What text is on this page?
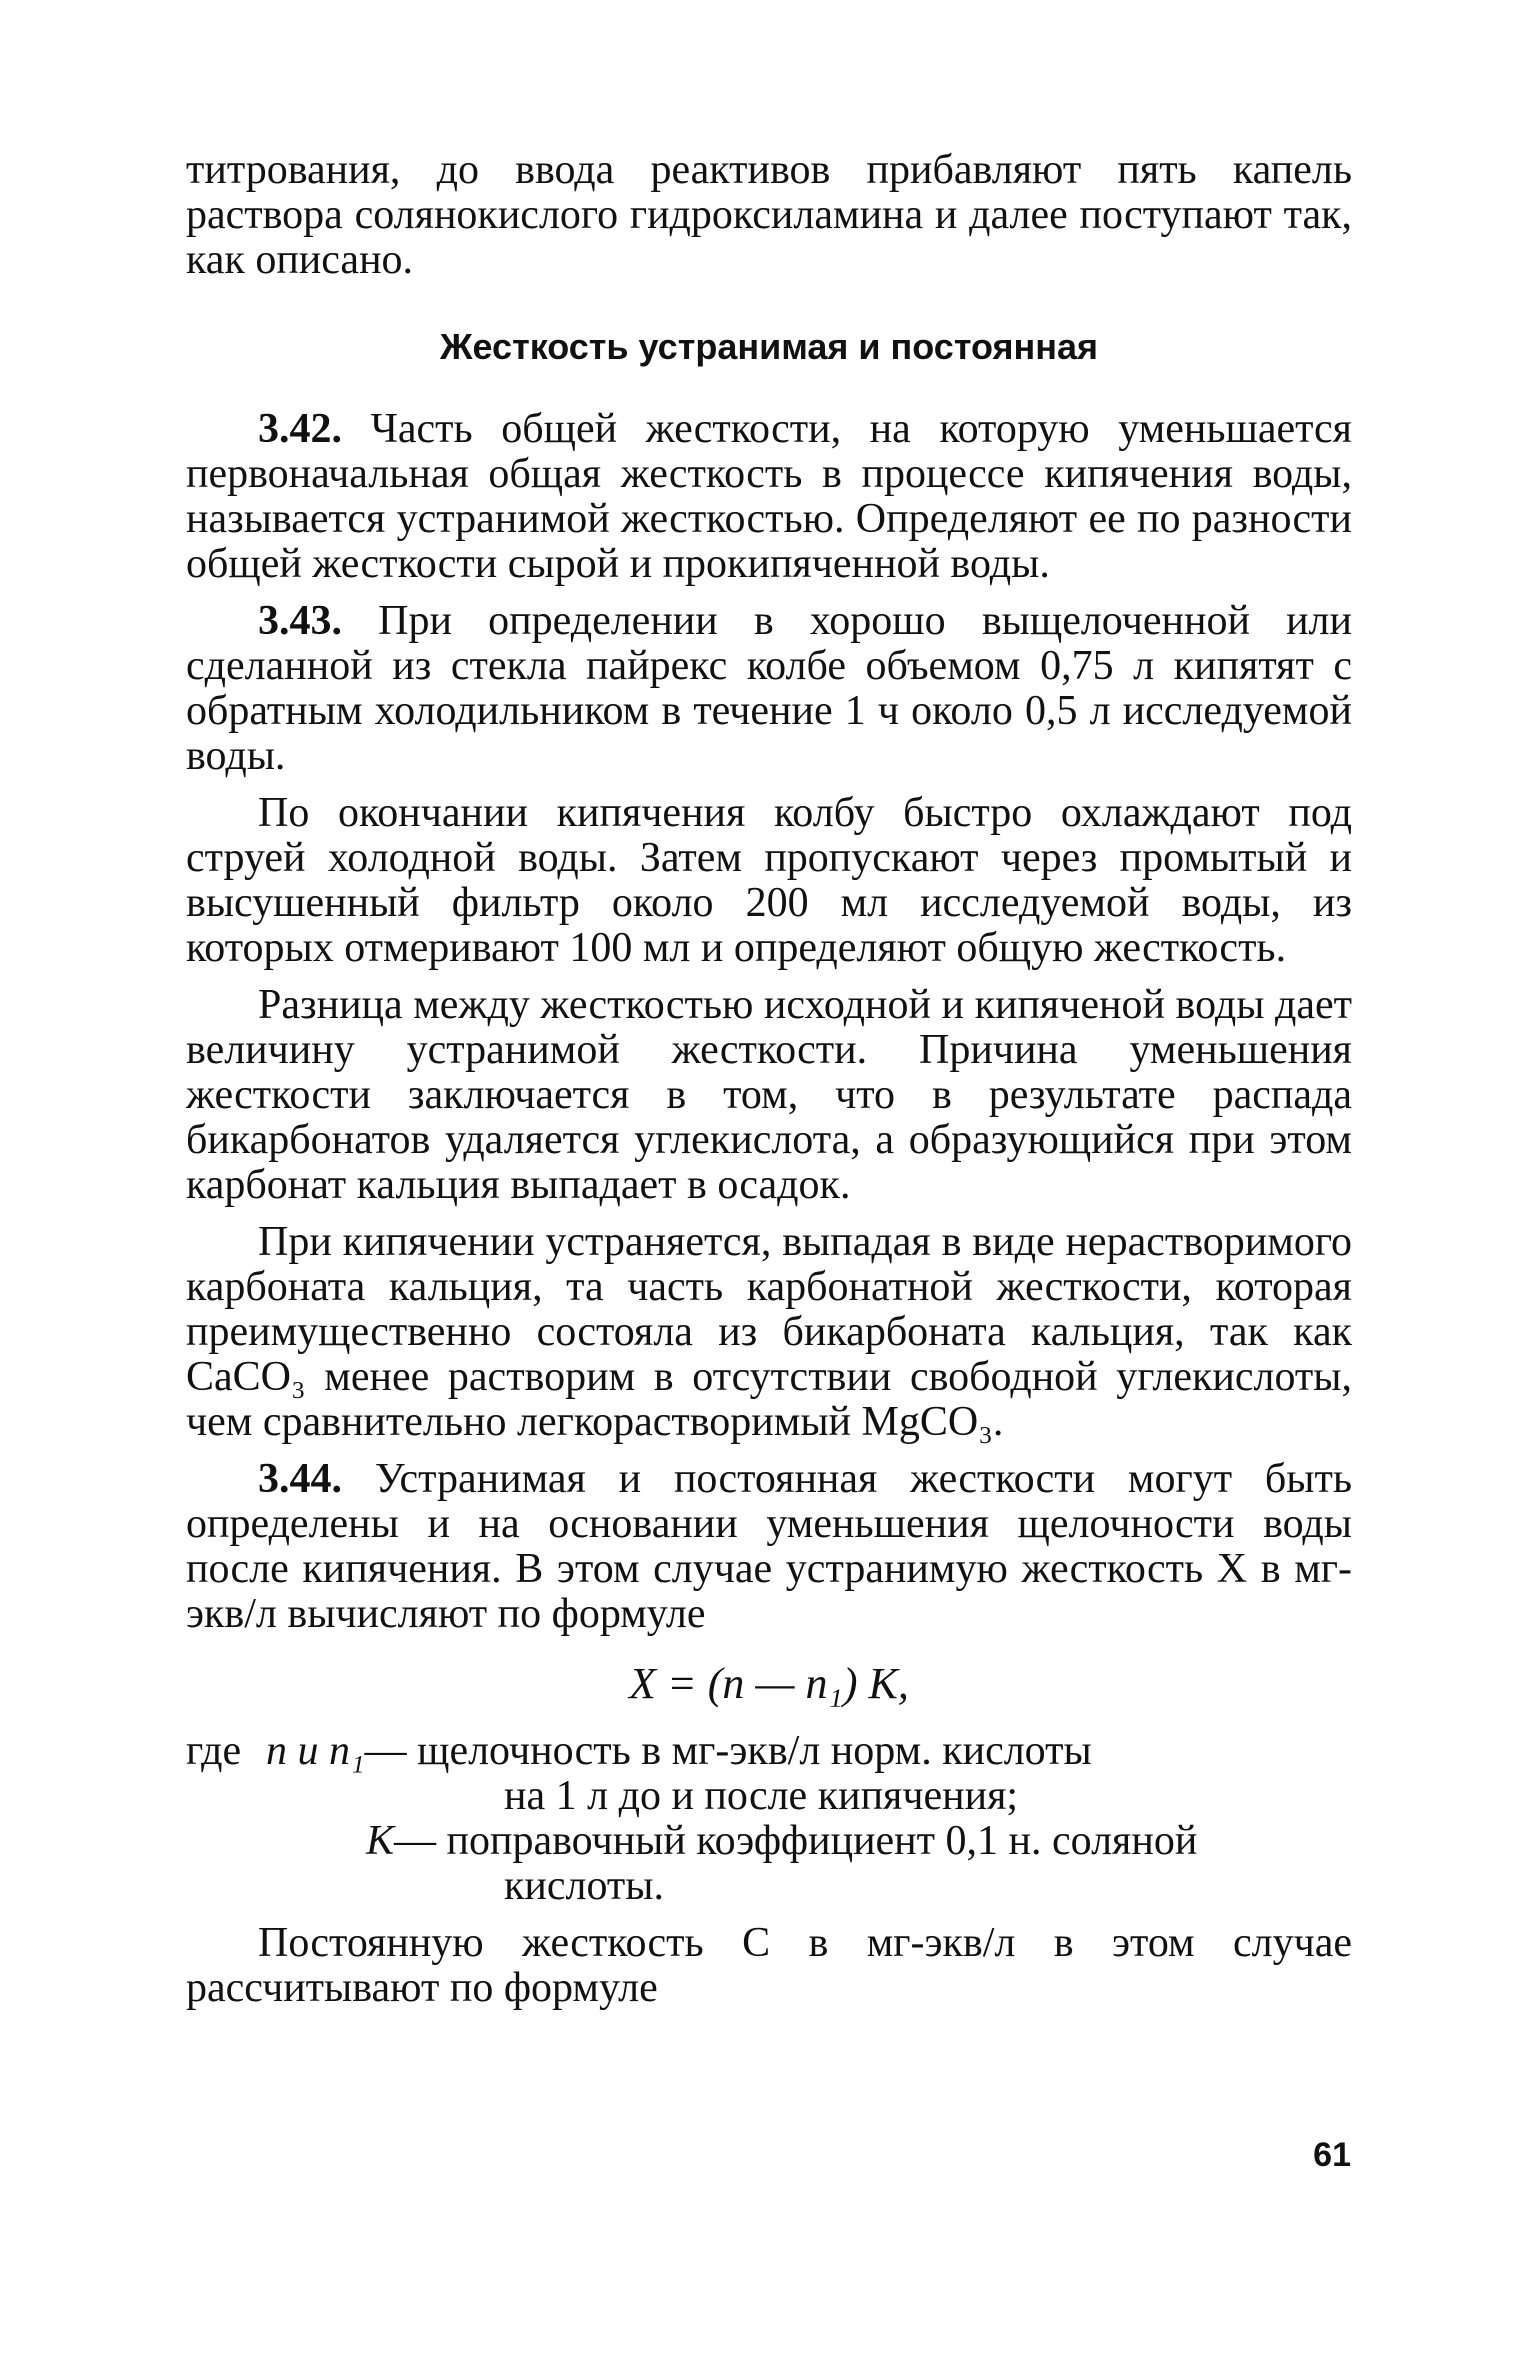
титрования, до ввода реактивов прибавляют пять капель раствора солянокислого гидроксиламина и далее поступают так, как описано.

Жесткость устранимая и постоянная

3.42. Часть общей жесткости, на которую уменьшается первоначальная общая жесткость в процессе кипячения воды, называется устранимой жесткостью. Определяют ее по разности общей жесткости сырой и прокипяченной воды.

3.43. При определении в хорошо выщелоченной или сделанной из стекла пайрекс колбе объемом 0,75 л кипятят с обратным холодильником в течение 1 ч около 0,5 л исследуемой воды.

По окончании кипячения колбу быстро охлаждают под струей холодной воды. Затем пропускают через промытый и высушенный фильтр около 200 мл исследуемой воды, из которых отмеривают 100 мл и определяют общую жесткость.

Разница между жесткостью исходной и кипяченой воды дает величину устранимой жесткости. Причина уменьшения жесткости заключается в том, что в результате распада бикарбонатов удаляется углекислота, а образующийся при этом карбонат кальция выпадает в осадок.

При кипячении устраняется, выпадая в виде нерастворимого карбоната кальция, та часть карбонатной жесткости, которая преимущественно состояла из бикарбоната кальция, так как CaCO₃ менее растворим в отсутствии свободной углекислоты, чем сравнительно легкорастворимый MgCO₃.

3.44. Устранимая и постоянная жесткости могут быть определены и на основании уменьшения щелочности воды после кипячения. В этом случае устранимую жесткость X в мг-экв/л вычисляют по формуле

X = (n — n₁) K,
где n и n₁ — щелочность в мг-экв/л норм. кислоты
на 1 л до и после кипячения;
K — поправочный коэффициент 0,1 н. соляной
кислоты.

Постоянную жесткость C в мг-экв/л в этом случае рассчитывают по формуле

61
